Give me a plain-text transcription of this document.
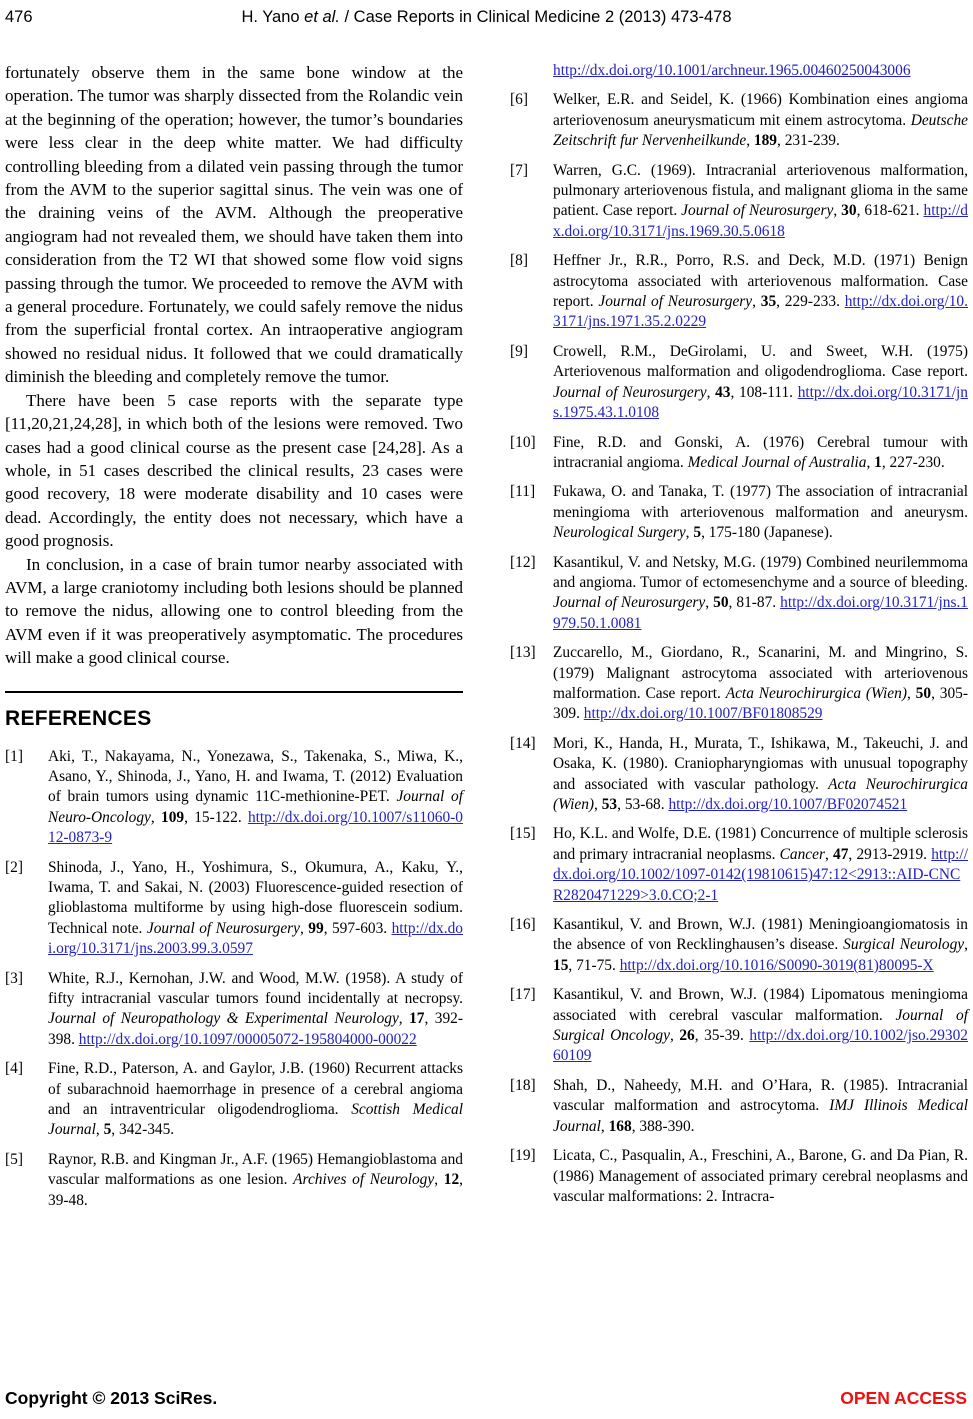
476	H. Yano et al. / Case Reports in Clinical Medicine 2 (2013) 473-478

fortunately observe them in the same bone window at the operation. The tumor was sharply dissected from the Rolandic vein at the beginning of the operation; however, the tumor’s boundaries were less clear in the deep white matter. We had difficulty controlling bleeding from a dilated vein passing through the tumor from the AVM to the superior sagittal sinus. The vein was one of the draining veins of the AVM. Although the preoperative angiogram had not revealed them, we should have taken them into consideration from the T2 WI that showed some flow void signs passing through the tumor. We proceeded to remove the AVM with a general procedure. Fortunately, we could safely remove the nidus from the superficial frontal cortex. An intraoperative angiogram showed no residual nidus. It followed that we could dramatically diminish the bleeding and completely remove the tumor.

There have been 5 case reports with the separate type [11,20,21,24,28], in which both of the lesions were removed. Two cases had a good clinical course as the present case [24,28]. As a whole, in 51 cases described the clinical results, 23 cases were good recovery, 18 were moderate disability and 10 cases were dead. Accordingly, the entity does not necessary, which have a good prognosis.

In conclusion, in a case of brain tumor nearby associated with AVM, a large craniotomy including both lesions should be planned to remove the nidus, allowing one to control bleeding from the AVM even if it was preoperatively asymptomatic. The procedures will make a good clinical course.

REFERENCES
[1]	Aki, T., Nakayama, N., Yonezawa, S., Takenaka, S., Miwa, K., Asano, Y., Shinoda, J., Yano, H. and Iwama, T. (2012) Evaluation of brain tumors using dynamic 11C-methionine-PET. Journal of Neuro-Oncology, 109, 15-122. http://dx.doi.org/10.1007/s11060-012-0873-9
[2]	Shinoda, J., Yano, H., Yoshimura, S., Okumura, A., Kaku, Y., Iwama, T. and Sakai, N. (2003) Fluorescence-guided resection of glioblastoma multiforme by using high-dose fluorescein sodium. Technical note. Journal of Neurosurgery, 99, 597-603. http://dx.doi.org/10.3171/jns.2003.99.3.0597
[3]	White, R.J., Kernohan, J.W. and Wood, M.W. (1958). A study of fifty intracranial vascular tumors found incidentally at necropsy. Journal of Neuropathology & Experimental Neurology, 17, 392-398. http://dx.doi.org/10.1097/00005072-195804000-00022
[4]	Fine, R.D., Paterson, A. and Gaylor, J.B. (1960) Recurrent attacks of subarachnoid haemorrhage in presence of a cerebral angioma and an intraventricular oligodendroglioma. Scottish Medical Journal, 5, 342-345.
[5]	Raynor, R.B. and Kingman Jr., A.F. (1965) Hemangioblastoma and vascular malformations as one lesion. Archives of Neurology, 12, 39-48.
http://dx.doi.org/10.1001/archneur.1965.00460250043006
[6]	Welker, E.R. and Seidel, K. (1966) Kombination eines angioma arteriovenosum aneurysmaticum mit einem astrocytoma. Deutsche Zeitschrift fur Nervenheilkunde, 189, 231-239.
[7]	Warren, G.C. (1969). Intracranial arteriovenous malformation, pulmonary arteriovenous fistula, and malignant glioma in the same patient. Case report. Journal of Neurosurgery, 30, 618-621. http://dx.doi.org/10.3171/jns.1969.30.5.0618
[8]	Heffner Jr., R.R., Porro, R.S. and Deck, M.D. (1971) Benign astrocytoma associated with arteriovenous malformation. Case report. Journal of Neurosurgery, 35, 229-233. http://dx.doi.org/10.3171/jns.1971.35.2.0229
[9]	Crowell, R.M., DeGirolami, U. and Sweet, W.H. (1975) Arteriovenous malformation and oligodendroglioma. Case report. Journal of Neurosurgery, 43, 108-111. http://dx.doi.org/10.3171/jns.1975.43.1.0108
[10]	Fine, R.D. and Gonski, A. (1976) Cerebral tumour with intracranial angioma. Medical Journal of Australia, 1, 227-230.
[11]	Fukawa, O. and Tanaka, T. (1977) The association of intracranial meningioma with arteriovenous malformation and aneurysm. Neurological Surgery, 5, 175-180 (Japanese).
[12]	Kasantikul, V. and Netsky, M.G. (1979) Combined neurilemmoma and angioma. Tumor of ectomesenchyme and a source of bleeding. Journal of Neurosurgery, 50, 81-87. http://dx.doi.org/10.3171/jns.1979.50.1.0081
[13]	Zuccarello, M., Giordano, R., Scanarini, M. and Mingrino, S. (1979) Malignant astrocytoma associated with arteriovenous malformation. Case report. Acta Neurochirurgica (Wien), 50, 305-309. http://dx.doi.org/10.1007/BF01808529
[14]	Mori, K., Handa, H., Murata, T., Ishikawa, M., Takeuchi, J. and Osaka, K. (1980). Craniopharyngiomas with unusual topography and associated with vascular pathology. Acta Neurochirurgica (Wien), 53, 53-68. http://dx.doi.org/10.1007/BF02074521
[15]	Ho, K.L. and Wolfe, D.E. (1981) Concurrence of multiple sclerosis and primary intracranial neoplasms. Cancer, 47, 2913-2919. http://dx.doi.org/10.1002/1097-0142(19810615)47:12<2913::AID-CNCR2820471229>3.0.CO;2-1
[16]	Kasantikul, V. and Brown, W.J. (1981) Meningioangiomatosis in the absence of von Recklinghausen’s disease. Surgical Neurology, 15, 71-75. http://dx.doi.org/10.1016/S0090-3019(81)80095-X
[17]	Kasantikul, V. and Brown, W.J. (1984) Lipomatous meningioma associated with cerebral vascular malformation. Journal of Surgical Oncology, 26, 35-39. http://dx.doi.org/10.1002/jso.2930260109
[18]	Shah, D., Naheedy, M.H. and O’Hara, R. (1985). Intracranial vascular malformation and astrocytoma. IMJ Illinois Medical Journal, 168, 388-390.
[19]	Licata, C., Pasqualin, A., Freschini, A., Barone, G. and Da Pian, R. (1986) Management of associated primary cerebral neoplasms and vascular malformations: 2. Intracra-
Copyright © 2013 SciRes.	OPEN ACCESS
